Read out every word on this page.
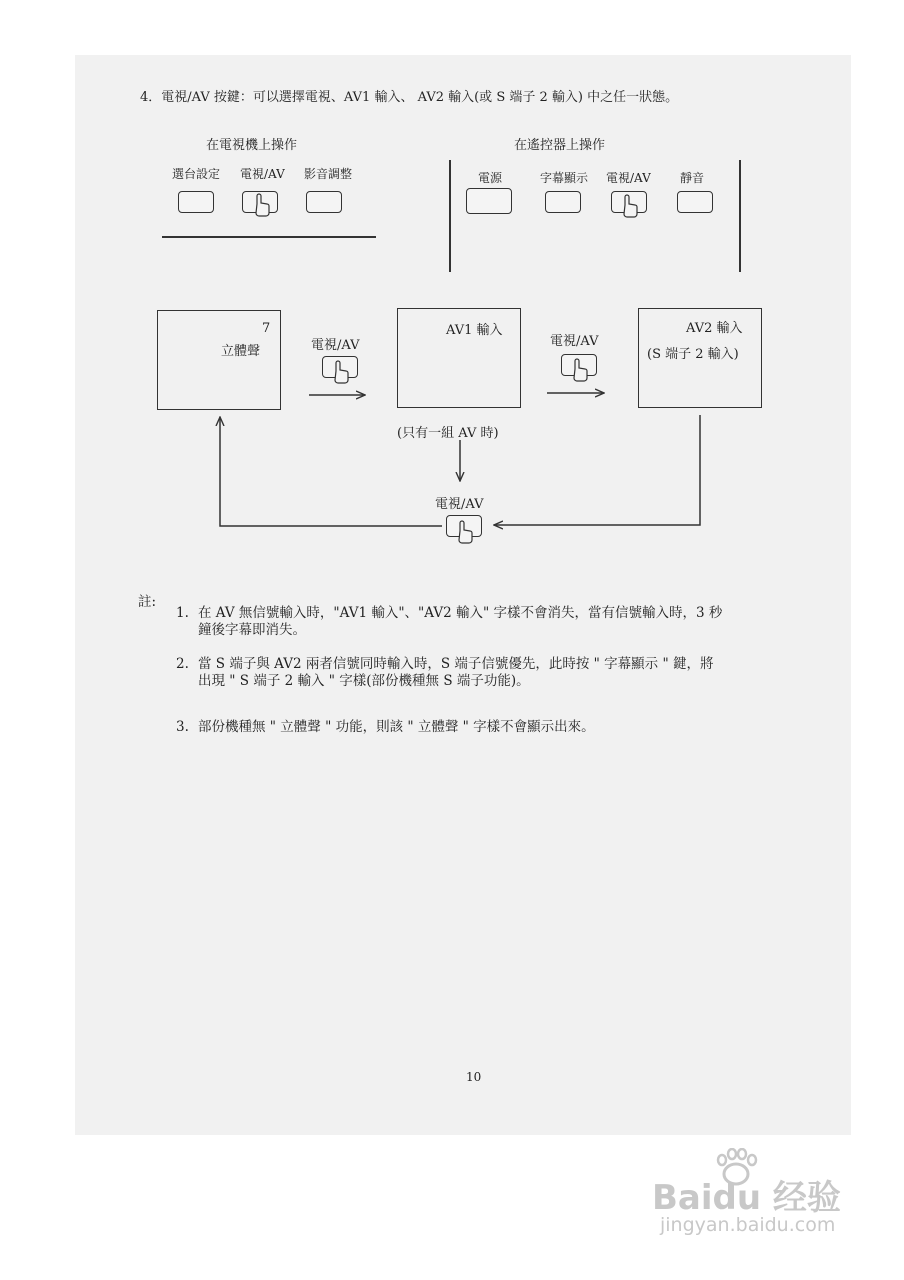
4．電視/AV 按鍵：可以選擇電視、AV1 輸入、 AV2 輸入(或 S 端子 2 輸入) 中之任一狀態。
在電視機上操作
選台設定 電視/AV 影音調整
在遙控器上操作
電源	字幕顯示 電視/AV 靜音
7
立體聲
AV1 輸入	AV2 輸入
(S 端子 2 輸入)
電視/AV	電視/AV
(只有一組 AV 時)
電視/AV
註:
1. 在 AV 無信號輸入時，"AV1 輸入"、"AV2 輸入" 字樣不會消失，當有信號輸入時，3 秒
鐘後字幕即消失。
2. 當 S 端子與 AV2 兩者信號同時輸入時，S 端子信號優先，此時按 " 字幕顯示 " 鍵，將
出現 " S 端子 2 輸入 " 字樣(部份機種無 S 端子功能)。
3. 部份機種無 " 立體聲 " 功能，則該 " 立體聲 " 字樣不會顯示出來。
10
Baidu 经验
jingyan.baidu.com
